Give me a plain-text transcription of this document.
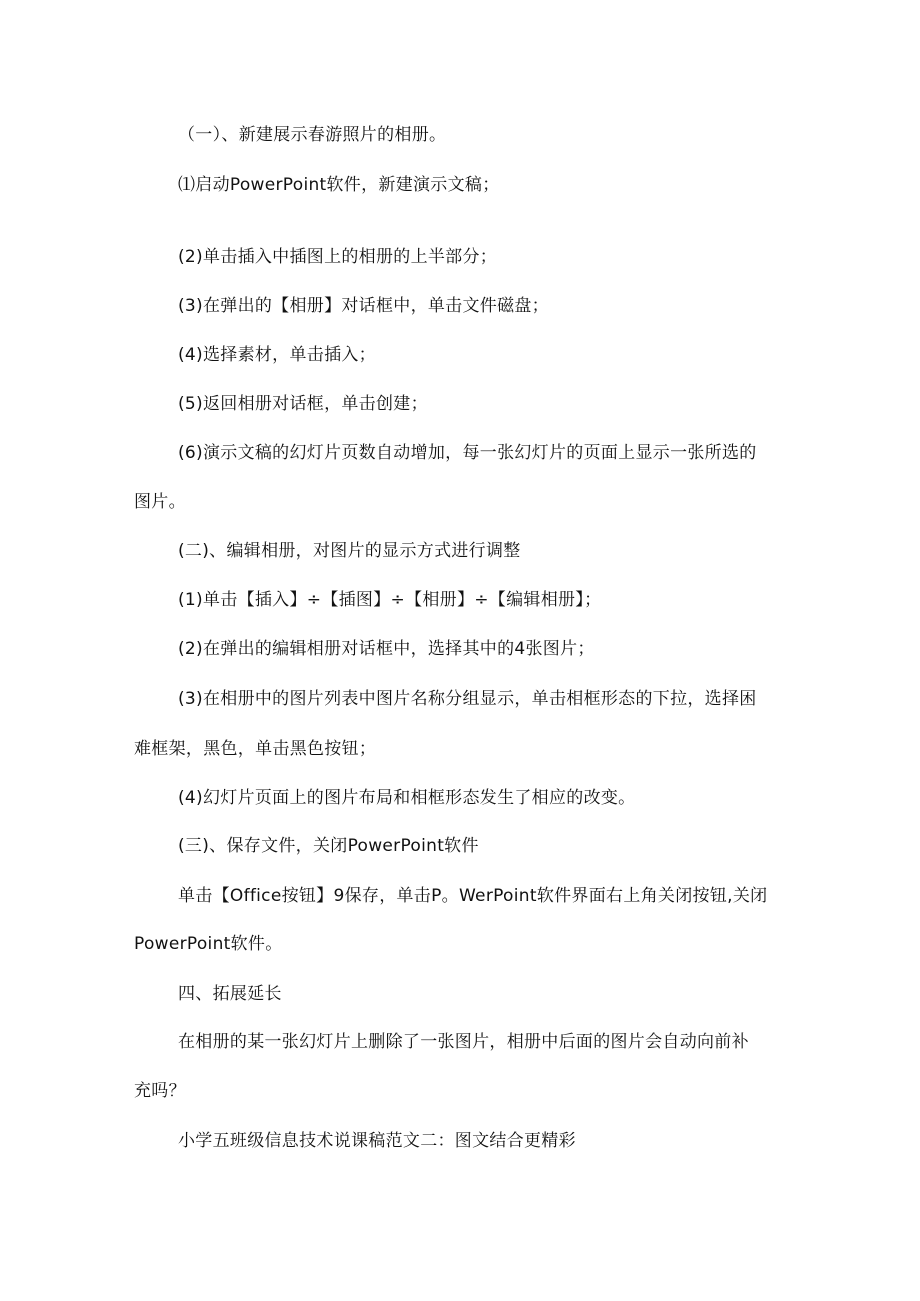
（一）、新建展示春游照片的相册。
⑴启动PowerPoint软件，新建演示文稿；
(2)单击插入中插图上的相册的上半部分；
(3)在弹出的【相册】对话框中，单击文件磁盘；
(4)选择素材，单击插入；
(5)返回相册对话框，单击创建；
(6)演示文稿的幻灯片页数自动增加，每一张幻灯片的页面上显示一张所选的
图片。
(二)、编辑相册，对图片的显示方式进行调整
(1)单击【插入】÷【插图】÷【相册】÷【编辑相册】；
(2)在弹出的编辑相册对话框中，选择其中的4张图片；
(3)在相册中的图片列表中图片名称分组显示，单击相框形态的下拉，选择困
难框架，黑色，单击黑色按钮；
(4)幻灯片页面上的图片布局和相框形态发生了相应的改变。
(三)、保存文件，关闭PowerPoint软件
单击【Office按钮】9保存，单击P。WerPoint软件界面右上角关闭按钮,关闭
PowerPoint软件。
四、拓展延长
在相册的某一张幻灯片上删除了一张图片，相册中后面的图片会自动向前补
充吗？
小学五班级信息技术说课稿范文二：图文结合更精彩
